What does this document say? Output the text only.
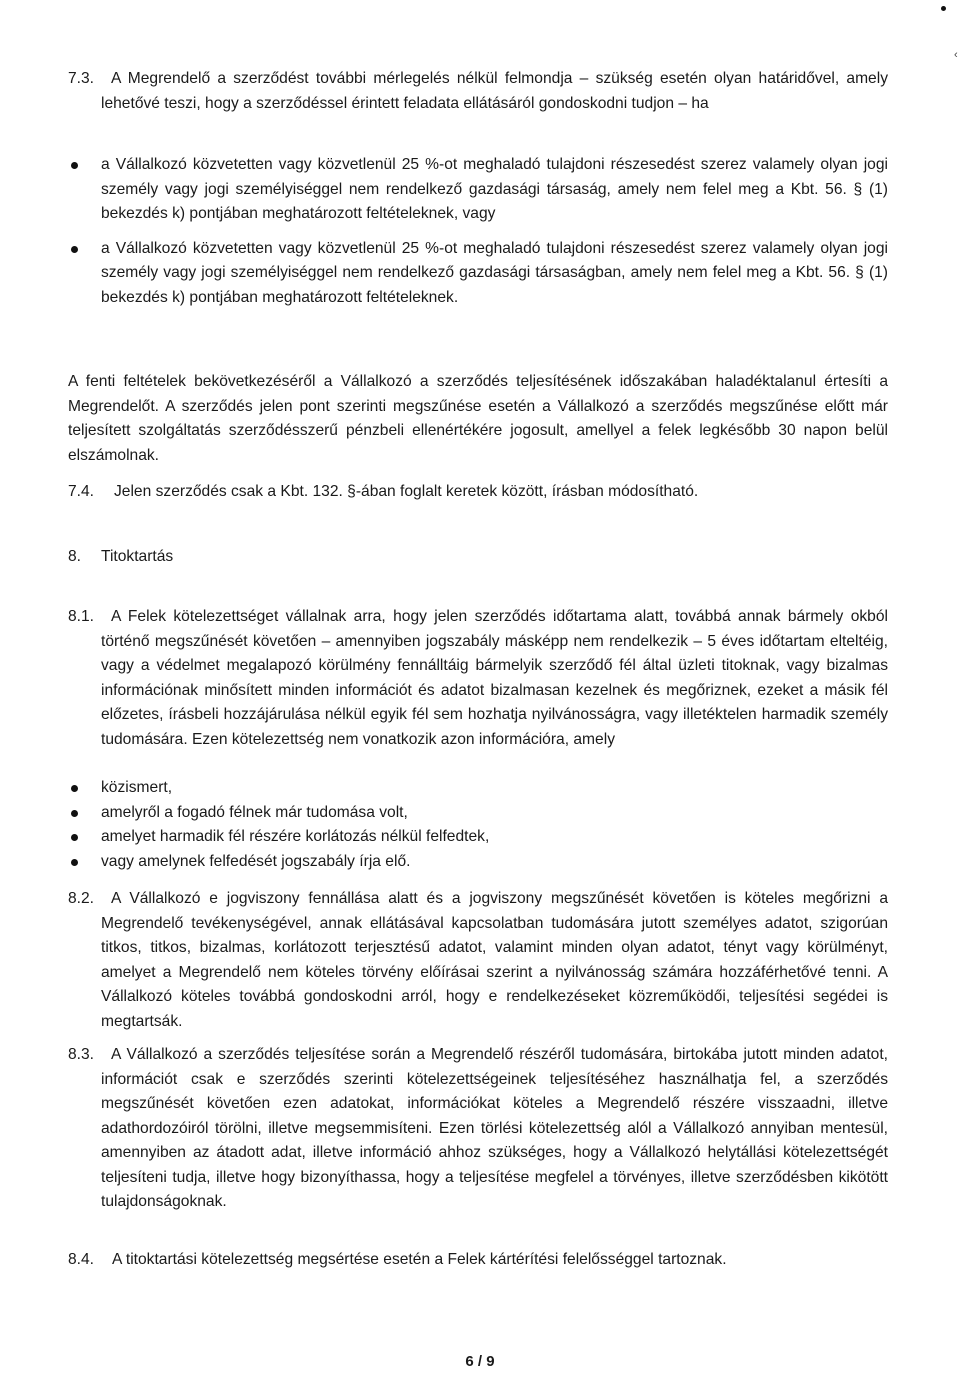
‹
7.3.	A Megrendelő a szerződést további mérlegelés nélkül felmondja – szükség esetén olyan határidővel, amely lehetővé teszi, hogy a szerződéssel érintett feladata ellátásáról gondoskodni tudjon – ha
a Vállalkozó közvetetten vagy közvetlenül 25 %-ot meghaladó tulajdoni részesedést szerez valamely olyan jogi személy vagy jogi személyiséggel nem rendelkező gazdasági társaság, amely nem felel meg a Kbt. 56. § (1) bekezdés k) pontjában meghatározott feltételeknek, vagy
a Vállalkozó közvetetten vagy közvetlenül 25 %-ot meghaladó tulajdoni részesedést szerez valamely olyan jogi személy vagy jogi személyiséggel nem rendelkező gazdasági társaságban, amely nem felel meg a Kbt. 56. § (1) bekezdés k) pontjában meghatározott feltételeknek.
A fenti feltételek bekövetkezéséről a Vállalkozó a szerződés teljesítésének időszakában haladéktalanul értesíti a Megrendelőt. A szerződés jelen pont szerinti megszűnése esetén a Vállalkozó a szerződés megszűnése előtt már teljesített szolgáltatás szerződésszerű pénzbeli ellenértékére jogosult, amellyel a felek legkésőbb 30 napon belül elszámolnak.
7.4. Jelen szerződés csak a Kbt. 132. §-ában foglalt keretek között, írásban módosítható.
8. Titoktartás
8.1.	A Felek kötelezettséget vállalnak arra, hogy jelen szerződés időtartama alatt, továbbá annak bármely okból történő megszűnését követően – amennyiben jogszabály másképp nem rendelkezik – 5 éves időtartam elteltéig, vagy a védelmet megalapozó körülmény fennálltáig bármelyik szerződő fél által üzleti titoknak, vagy bizalmas információnak minősített minden információt és adatot bizalmasan kezelnek és megőriznek, ezeket a másik fél előzetes, írásbeli hozzájárulása nélkül egyik fél sem hozhatja nyilvánosságra, vagy illetéktelen harmadik személy tudomására. Ezen kötelezettség nem vonatkozik azon információra, amely
közismert,
amelyről a fogadó félnek már tudomása volt,
amelyet harmadik fél részére korlátozás nélkül felfedtek,
vagy amelynek felfedését jogszabály írja elő.
8.2.	A Vállalkozó e jogviszony fennállása alatt és a jogviszony megszűnését követően is köteles megőrizni a Megrendelő tevékenységével, annak ellátásával kapcsolatban tudomására jutott személyes adatot, szigorúan titkos, titkos, bizalmas, korlátozott terjesztésű adatot, valamint minden olyan adatot, tényt vagy körülményt, amelyet a Megrendelő nem köteles törvény előírásai szerint a nyilvánosság számára hozzáférhetővé tenni. A Vállalkozó köteles továbbá gondoskodni arról, hogy e rendelkezéseket közreműködői, teljesítési segédei is megtartsák.
8.3.	A Vállalkozó a szerződés teljesítése során a Megrendelő részéről tudomására, birtokába jutott minden adatot, információt csak e szerződés szerinti kötelezettségeinek teljesítéséhez használhatja fel, a szerződés megszűnését követően ezen adatokat, információkat köteles a Megrendelő részére visszaadni, illetve adathordozóiról törölni, illetve megsemmisíteni. Ezen törlési kötelezettség alól a Vállalkozó annyiban mentesül, amennyiben az átadott adat, illetve információ ahhoz szükséges, hogy a Vállalkozó helytállási kötelezettségét teljesíteni tudja, illetve hogy bizonyíthassa, hogy a teljesítése megfelel a törvényes, illetve szerződésben kikötött tulajdonságoknak.
8.4. A titoktartási kötelezettség megsértése esetén a Felek kártérítési felelősséggel tartoznak.
6 / 9
